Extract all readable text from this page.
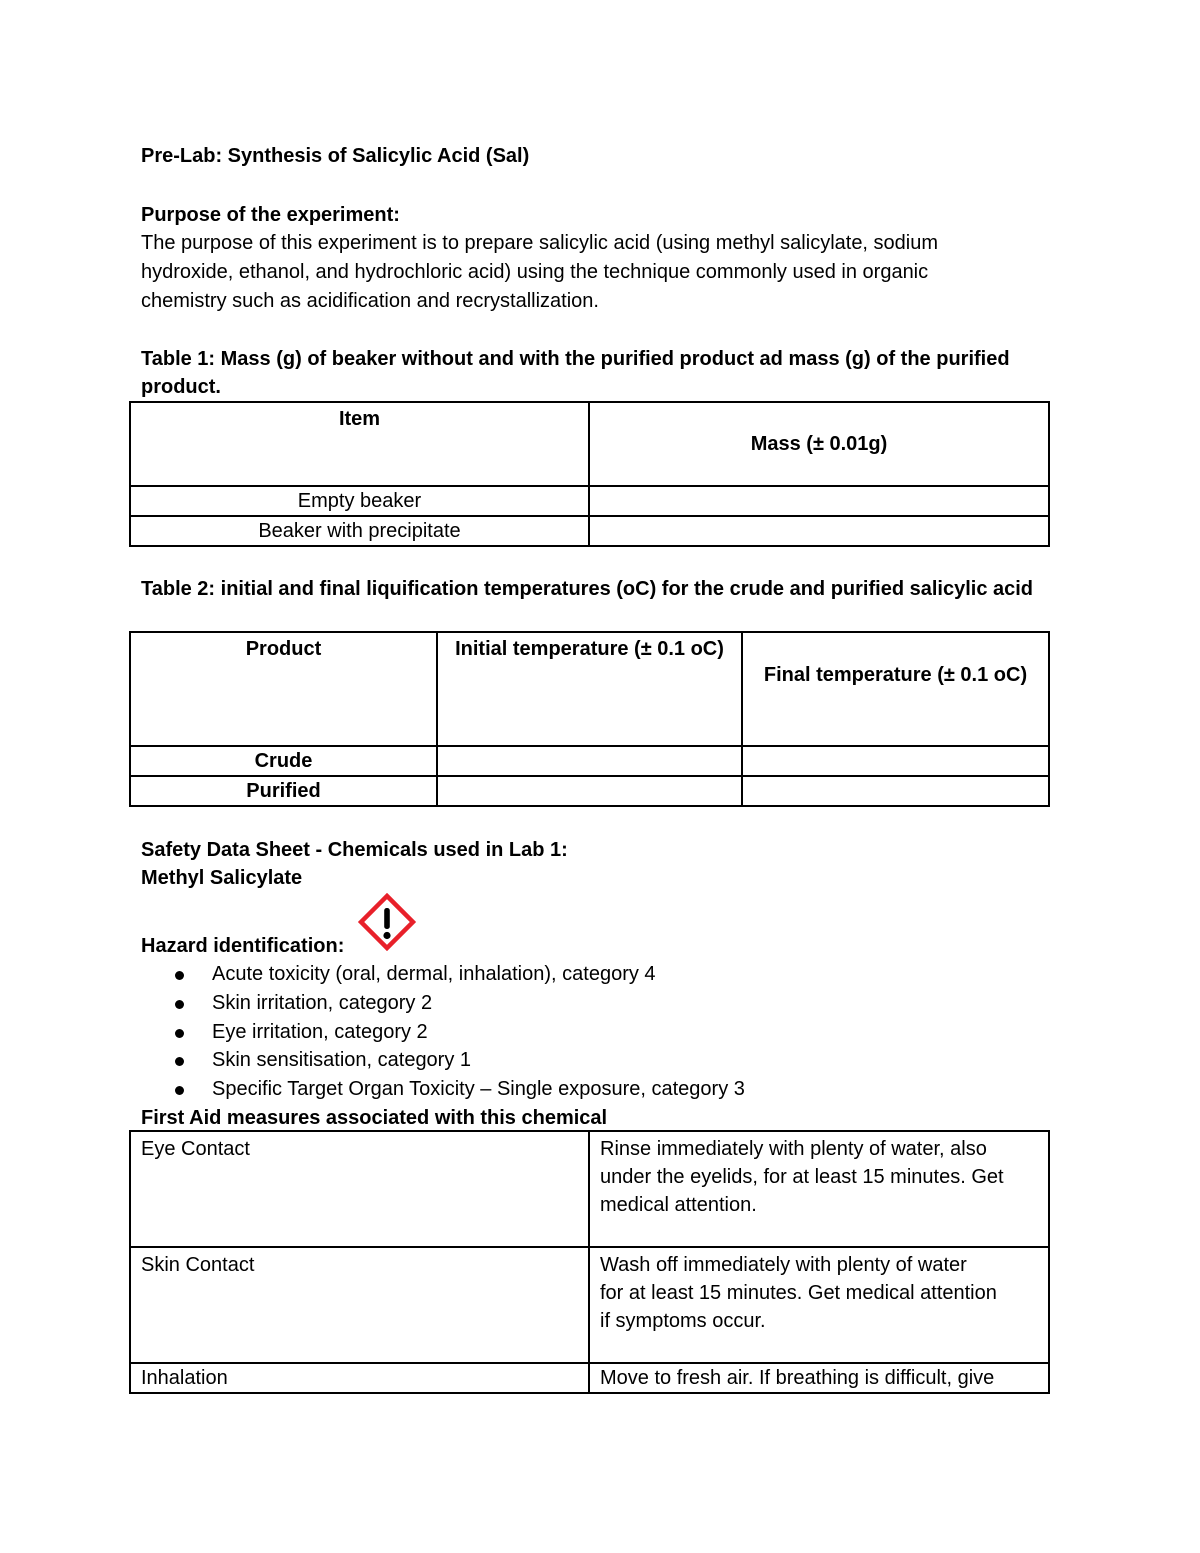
Pre-Lab: Synthesis of Salicylic Acid (Sal)
Purpose of the experiment:
The purpose of this experiment is to prepare salicylic acid (using methyl salicylate, sodium
hydroxide, ethanol, and hydrochloric acid) using the technique commonly used in organic
chemistry such as acidification and recrystallization.
Table 1: Mass (g) of beaker without and with the purified product ad mass (g) of the purified
product.
Item	Mass (± 0.01g)
Empty beaker	
Beaker with precipitate	
Table 2: initial and final liquification temperatures (oC) for the crude and purified salicylic acid
Product	Initial temperature (± 0.1 oC)	Final temperature (± 0.1 oC)
Crude		
Purified		
Safety Data Sheet - Chemicals used in Lab 1:
Methyl Salicylate
Hazard identification:
Acute toxicity (oral, dermal, inhalation), category 4
Skin irritation, category 2
Eye irritation, category 2
Skin sensitisation, category 1
Specific Target Organ Toxicity – Single exposure, category 3
First Aid measures associated with this chemical
Eye Contact	Rinse immediately with plenty of water, also
under the eyelids, for at least 15 minutes. Get
medical attention.

Skin Contact	Wash off immediately with plenty of water
for at least 15 minutes. Get medical attention
if symptoms occur.

Inhalation	Move to fresh air. If breathing is difficult, give
